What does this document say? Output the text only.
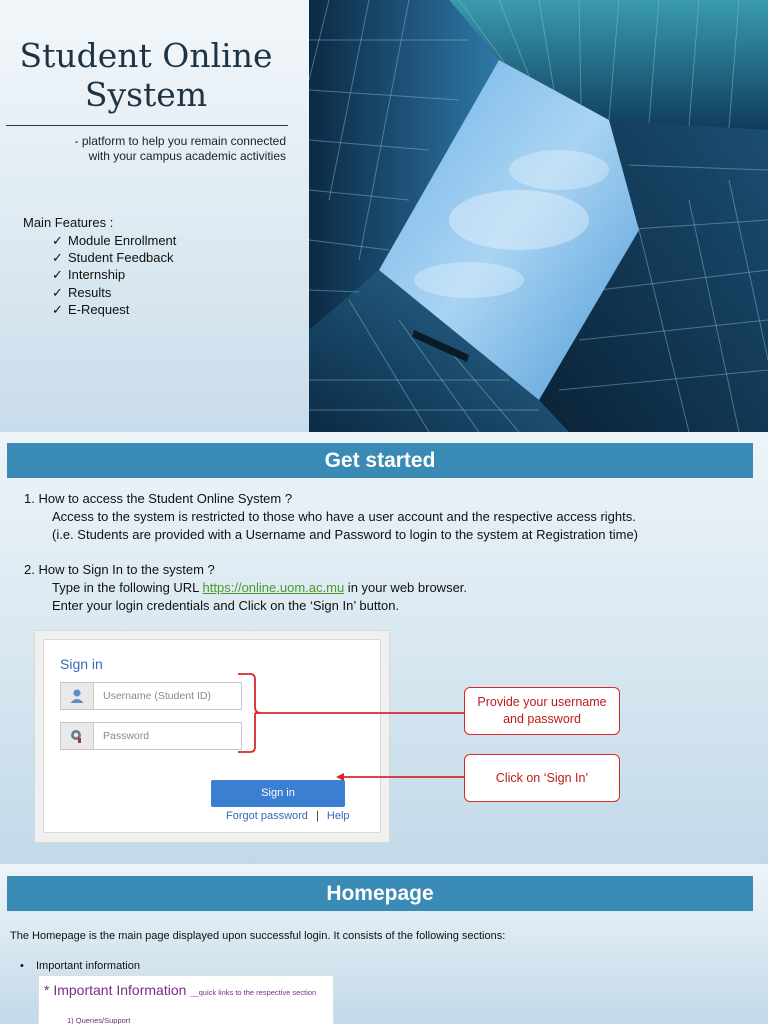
Student Online
System
- platform to help you remain connected
with your campus academic activities
Main Features :
✓ Module Enrollment
✓ Student Feedback
✓ Internship
✓ Results
✓ E-Request
Get started
1. How to access the Student Online System ?
Access to the system is restricted to those who have a user account and the respective access rights.
(i.e. Students are provided with a Username and Password to login to the system at Registration time)
2. How to Sign In to the system ?
Type in the following URL https://online.uom.ac.mu in your web browser.
Enter your login credentials and Click on the ‘Sign In’ button.
Sign in
Username (Student ID)
Password
Sign in
Forgot password | Help
Provide your username
and password
Click on ‘Sign In’
Homepage
The Homepage is the main page displayed upon successful login. It consists of the following sections:
• Important information
* Important Information __quick links to the respective section
1) Queries/Support
